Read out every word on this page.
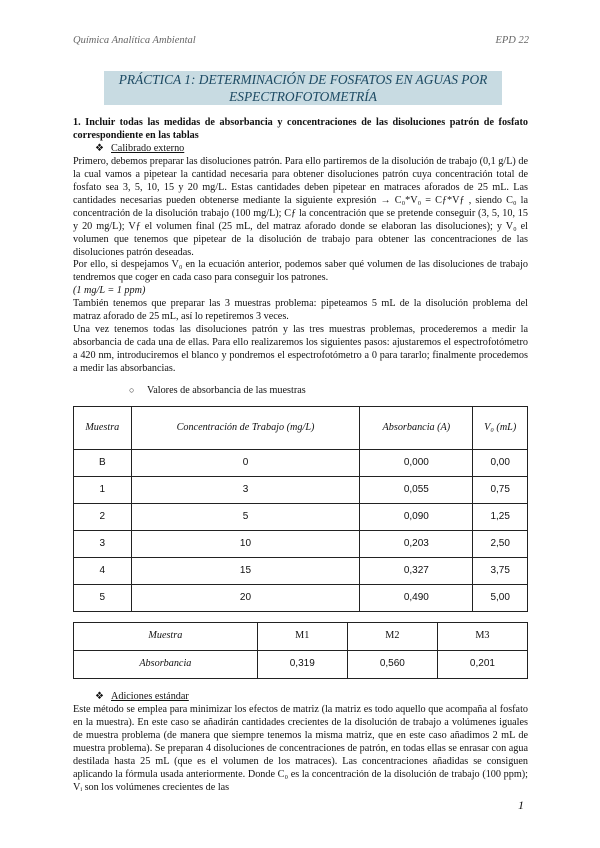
Química Analítica Ambiental	EPD 22
PRÁCTICA 1: DETERMINACIÓN DE FOSFATOS EN AGUAS POR ESPECTROFOTOMETRÍA
1. Incluir todas las medidas de absorbancia y concentraciones de las disoluciones patrón de fosfato correspondiente en las tablas
❖ Calibrado externo

Primero, debemos preparar las disoluciones patrón. Para ello partiremos de la disolución de trabajo (0,1 g/L) de la cual vamos a pipetear la cantidad necesaria para obtener disoluciones patrón cuya concentración total de fosfato sea 3, 5, 10, 15 y 20 mg/L. Estas cantidades deben pipetear en matraces aforados de 25 mL. Las cantidades necesarias pueden obtenerse mediante la siguiente expresión → C₀*V₀ = Cƒ*Vƒ , siendo C₀ la concentración de la disolución trabajo (100 mg/L); Cƒ la concentración que se pretende conseguir (3, 5, 10, 15 y 20 mg/L); Vƒ el volumen final (25 mL, del matraz aforado donde se elaboran las disoluciones); y V₀ el volumen que tenemos que pipetear de la disolución de trabajo para obtener las concentraciones de las disoluciones patrón deseadas.

Por ello, si despejamos V₀ en la ecuación anterior, podemos saber qué volumen de las disoluciones de trabajo tendremos que coger en cada caso para conseguir los patrones.

(1 mg/L = 1 ppm)

También tenemos que preparar las 3 muestras problema: pipeteamos 5 mL de la disolución problema del matraz aforado de 25 mL, así lo repetiremos 3 veces.

Una vez tenemos todas las disoluciones patrón y las tres muestras problemas, procederemos a medir la absorbancia de cada una de ellas. Para ello realizaremos los siguientes pasos: ajustaremos el espectrofotómetro a 420 nm, introduciremos el blanco y pondremos el espectrofotómetro a 0 para tararlo; finalmente procedemos a medir las absorbancias.

○ Valores de absorbancia de las muestras
Muestra	Concentración de Trabajo (mg/L)	Absorbancia (A)	V₀ (mL)
B	0	0,000	0,00
1	3	0,055	0,75
2	5	0,090	1,25
3	10	0,203	2,50
4	15	0,327	3,75
5	20	0,490	5,00
Muestra	M1	M2	M3
Absorbancia	0,319	0,560	0,201
❖ Adiciones estándar

Este método se emplea para minimizar los efectos de matriz (la matriz es todo aquello que acompaña al fosfato en la muestra). En este caso se añadirán cantidades crecientes de la disolución de trabajo a volúmenes iguales de muestra problema (de manera que siempre tenemos la misma matriz, que en este caso añadimos 2 mL de muestra problema). Se preparan 4 disoluciones de concentraciones de patrón, en todas ellas se enrasar con agua destilada hasta 25 mL (que es el volumen de los matraces). Las concentraciones añadidas se consiguen aplicando la fórmula usada anteriormente. Donde C₀ es la concentración de la disolución de trabajo (100 ppm); Vᵢ son los volúmenes crecientes de las

1
